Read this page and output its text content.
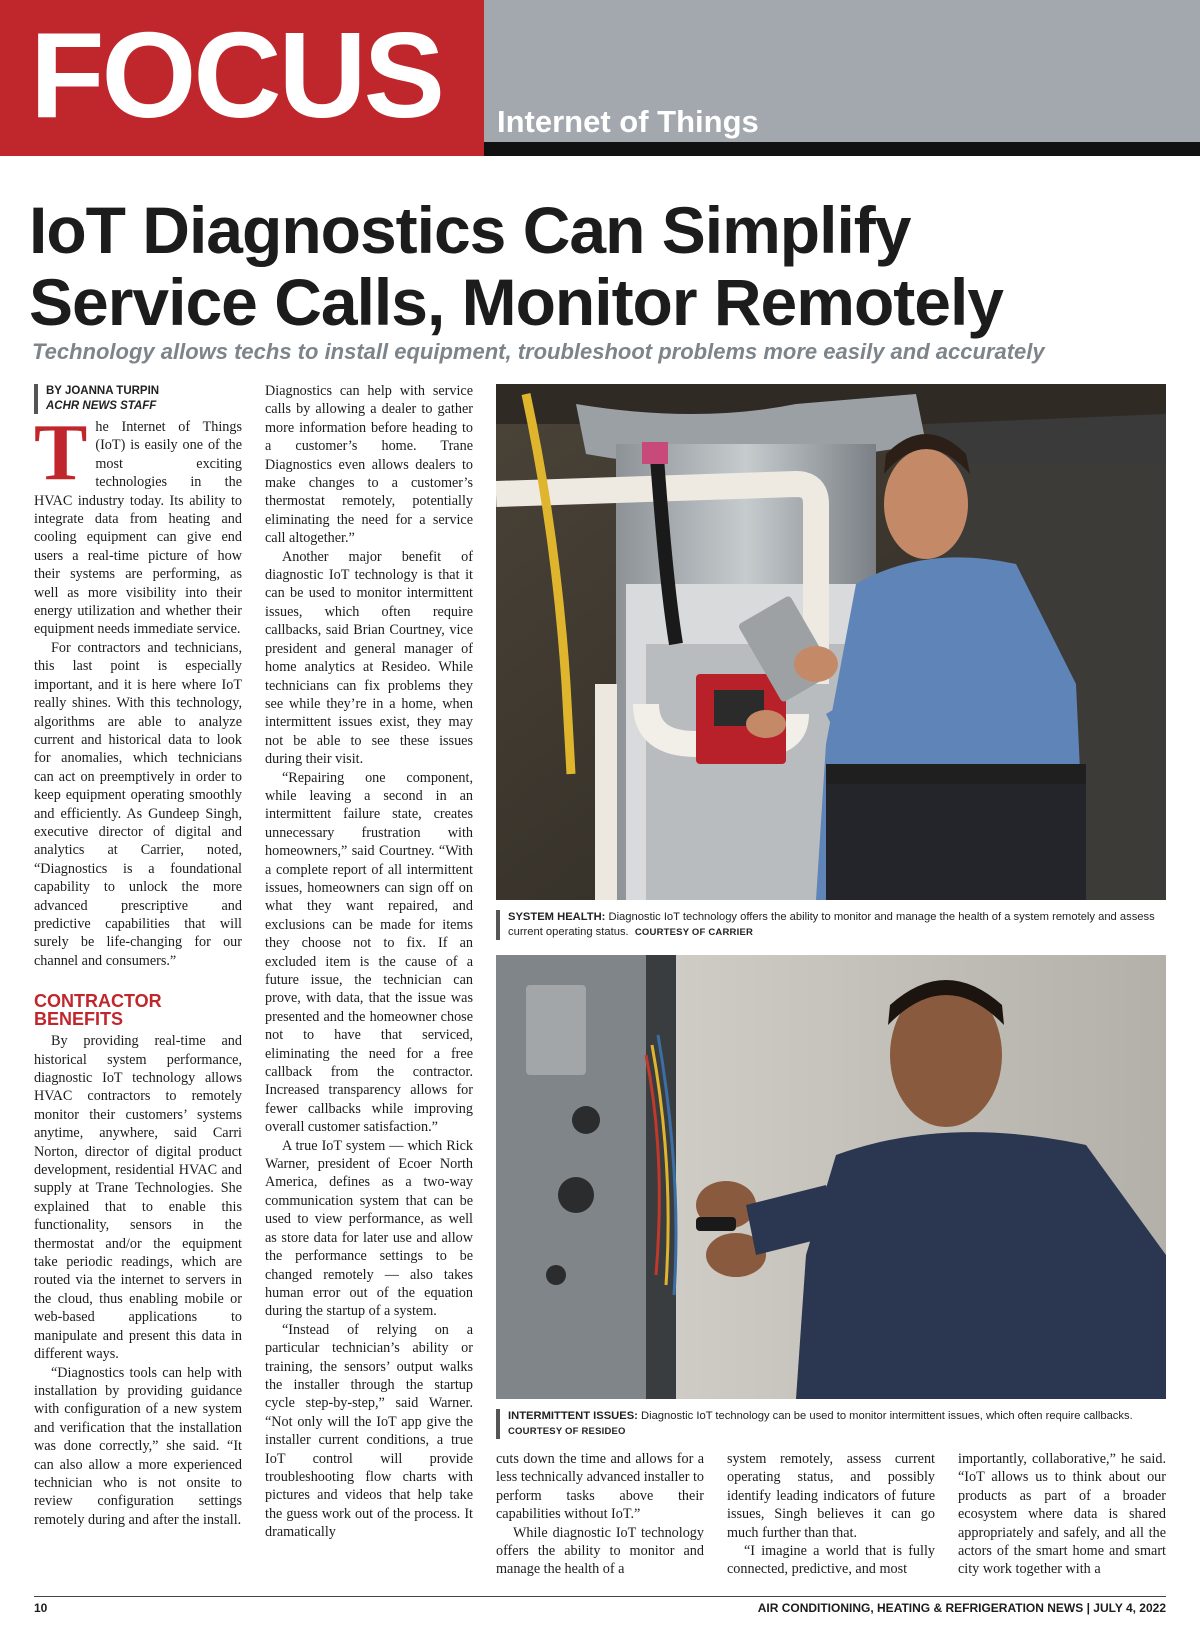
FOCUS Internet of Things
IoT Diagnostics Can Simplify
Service Calls, Monitor Remotely

Technology allows techs to install equipment, troubleshoot problems more easily and accurately

BY JOANNA TURPIN
ACHR NEWS STAFF

The Internet of Things (IoT) is easily one of the most exciting technologies in the HVAC industry today. Its ability to integrate data from heating and cooling equipment can give end users a real-time picture of how their systems are performing, as well as more visibility into their energy utilization and whether their equipment needs immediate service.

For contractors and technicians, this last point is especially important, and it is here where IoT really shines. With this technology, algorithms are able to analyze current and historical data to look for anomalies, which technicians can act on preemptively in order to keep equipment operating smoothly and efficiently. As Gundeep Singh, executive director of digital and analytics at Carrier, noted, “Diagnostics is a foundational capability to unlock the more advanced prescriptive and predictive capabilities that will surely be life-changing for our channel and consumers.”

CONTRACTOR BENEFITS

By providing real-time and historical system performance, diagnostic IoT technology allows HVAC contractors to remotely monitor their customers’ systems anytime, anywhere, said Carri Norton, director of digital product development, residential HVAC and supply at Trane Technologies. She explained that to enable this functionality, sensors in the thermostat and/or the equipment take periodic readings, which are routed via the internet to servers in the cloud, thus enabling mobile or web-based applications to manipulate and present this data in different ways.

“Diagnostics tools can help with installation by providing guidance with configuration of a new system and verification that the installation was done correctly,” she said. “It can also allow a more experienced technician who is not onsite to review configuration settings remotely during and after the install.

Diagnostics can help with service calls by allowing a dealer to gather more information before heading to a customer’s home. Trane Diagnostics even allows dealers to make changes to a customer’s thermostat remotely, potentially eliminating the need for a service call altogether.”

Another major benefit of diagnostic IoT technology is that it can be used to monitor intermittent issues, which often require callbacks, said Brian Courtney, vice president and general manager of home analytics at Resideo. While technicians can fix problems they see while they’re in a home, when intermittent issues exist, they may not be able to see these issues during their visit.

“Repairing one component, while leaving a second in an intermittent failure state, creates unnecessary frustration with homeowners,” said Courtney. “With a complete report of all intermittent issues, homeowners can sign off on what they want repaired, and exclusions can be made for items they choose not to fix. If an excluded item is the cause of a future issue, the technician can prove, with data, that the issue was presented and the homeowner chose not to have that serviced, eliminating the need for a free callback from the contractor. Increased transparency allows for fewer callbacks while improving overall customer satisfaction.”

A true IoT system — which Rick Warner, president of Ecoer North America, defines as a two-way communication system that can be used to view performance, as well as store data for later use and allow the performance settings to be changed remotely — also takes human error out of the equation during the startup of a system.

“Instead of relying on a particular technician’s ability or training, the sensors’ output walks the installer through the startup cycle step-by-step,” said Warner. “Not only will the IoT app give the installer current conditions, a true IoT control will provide troubleshooting flow charts with pictures and videos that help take the guess work out of the process. It dramatically

SYSTEM HEALTH: Diagnostic IoT technology offers the ability to monitor and manage the health of a system remotely and assess current operating status. COURTESY OF CARRIER
INTERMITTENT ISSUES: Diagnostic IoT technology can be used to monitor intermittent issues, which often require callbacks.  COURTESY OF RESIDEO

cuts down the time and allows for a less technically advanced installer to perform tasks above their capabilities without IoT.”

While diagnostic IoT technology offers the ability to monitor and manage the health of a

system remotely, assess current operating status, and possibly identify leading indicators of future issues, Singh believes it can go much further than that.

“I imagine a world that is fully connected, predictive, and most

importantly, collaborative,” he said. “IoT allows us to think about our products as part of a broader ecosystem where data is shared appropriately and safely, and all the actors of the smart home and smart city work together with a

10	AIR CONDITIONING, HEATING & REFRIGERATION NEWS | JULY 4, 2022
